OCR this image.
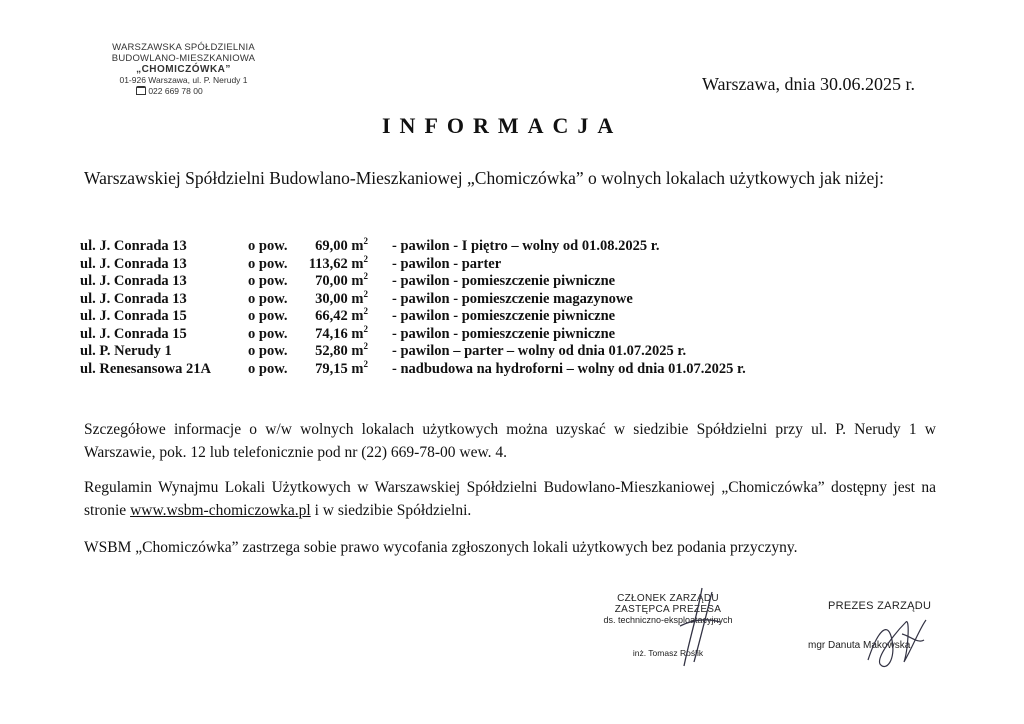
WARSZAWSKA SPÓŁDZIELNIA
BUDOWLANO-MIESZKANIOWA
„CHOMICZÓWKA”
01-926 Warszawa, ul. P. Nerudy 1
022 669 78 00	Warszawa, dnia 30.06.2025 r.
INFORMACJA
Warszawskiej Spółdzielni Budowlano-Mieszkaniowej „Chomiczówka” o wolnych lokalach użytkowych jak niżej:
ul. J. Conrada 13	o pow.	69,00 $m^2$ - pawilon - I piętro – wolny od 01.08.2025 r.
ul. J. Conrada 13	o pow.	113,62 $m^2$ - pawilon - parter
ul. J. Conrada 13	o pow.	70,00 $m^2$ - pawilon - pomieszczenie piwniczne
ul. J. Conrada 13	o pow.	30,00 $m^2$ - pawilon - pomieszczenie magazynowe
ul. J. Conrada 15	o pow.	66,42 $m^2$ - pawilon - pomieszczenie piwniczne
ul. J. Conrada 15	o pow.	74,16 $m^2$ - pawilon - pomieszczenie piwniczne
ul. P. Nerudy 1	o pow.	52,80 $m^2$ - pawilon – parter – wolny od dnia 01.07.2025 r.
ul. Renesansowa 21A	o pow.	79,15 $m^2$ - nadbudowa na hydroforni – wolny od dnia 01.07.2025 r.
Szczegółowe informacje o w/w wolnych lokalach użytkowych można uzyskać w siedzibie Spółdzielni przy ul. P. Nerudy 1 w Warszawie, pok. 12 lub telefonicznie pod nr (22) 669-78-00 wew. 4.
Regulamin Wynajmu Lokali Użytkowych w Warszawskiej Spółdzielni Budowlano-Mieszkaniowej „Chomiczówka” dostępny jest na stronie www.wsbm-chomiczowka.pl i w siedzibie Spółdzielni.
WSBM „Chomiczówka” zastrzega sobie prawo wycofania zgłoszonych lokali użytkowych bez podania przyczyny.
CZŁONEK ZARZĄDU
ZASTĘPCA PREZESA
ds. techniczno-eksploatacyjnych
inż. Tomasz Roślik
PREZES ZARZĄDU
mgr Danuta Makowska
